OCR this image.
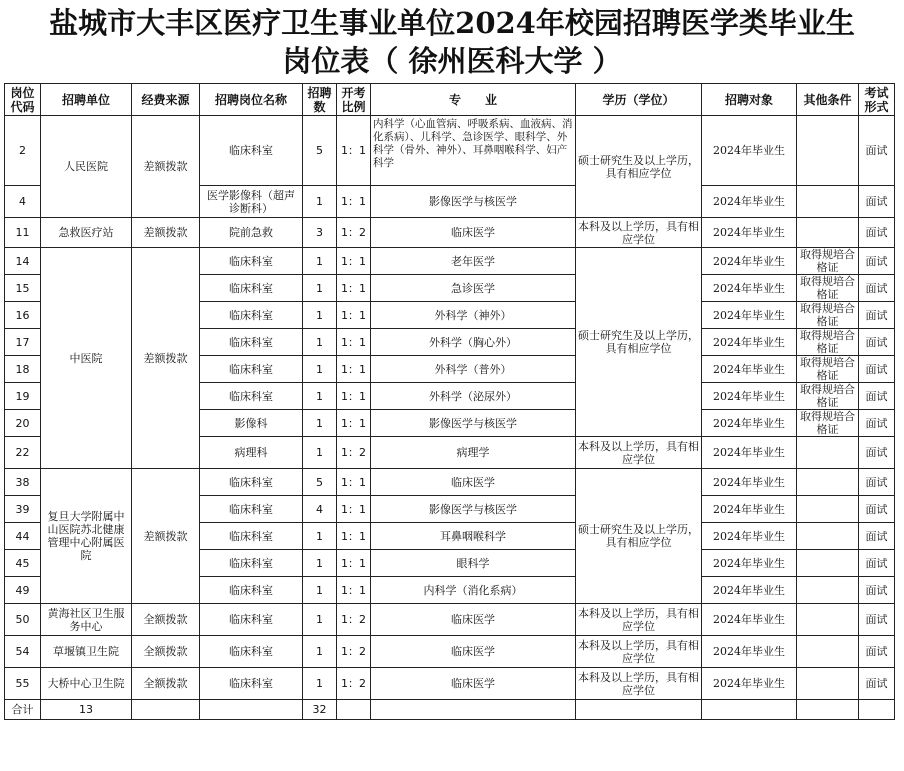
盐城市大丰区医疗卫生事业单位2024年校园招聘医学类毕业生
岗位表（ 徐州医科大学 ）
岗位代码	招聘单位	经费来源	招聘岗位名称	招聘数	开考比例	专　　业	学历（学位）	招聘对象	其他条件	考试形式
2	人民医院	差额拨款	临床科室	5	1：1	内科学（心血管病、呼吸系病、血液病、消化系病）、儿科学、急诊医学、眼科学、外科学（骨外、神外）、耳鼻咽喉科学、妇产科学	硕士研究生及以上学历，具有相应学位	2024年毕业生		面试
4			医学影像科（超声诊断科）	1	1：1	影像医学与核医学		2024年毕业生		面试
11	急救医疗站	差额拨款	院前急救	3	1：2	临床医学	本科及以上学历，具有相应学位	2024年毕业生		面试
14	中医院	差额拨款	临床科室	1	1：1	老年医学	硕士研究生及以上学历，具有相应学位	2024年毕业生	取得规培合格证	面试
15			临床科室	1	1：1	急诊医学		2024年毕业生	取得规培合格证	面试
16			临床科室	1	1：1	外科学（神外）		2024年毕业生	取得规培合格证	面试
17			临床科室	1	1：1	外科学（胸心外）		2024年毕业生	取得规培合格证	面试
18			临床科室	1	1：1	外科学（普外）		2024年毕业生	取得规培合格证	面试
19			临床科室	1	1：1	外科学（泌尿外）		2024年毕业生	取得规培合格证	面试
20			影像科	1	1：1	影像医学与核医学		2024年毕业生	取得规培合格证	面试
22			病理科	1	1：2	病理学	本科及以上学历，具有相应学位	2024年毕业生		面试
38	复旦大学附属中山医院苏北健康管理中心附属医院	差额拨款	临床科室	5	1：1	临床医学	硕士研究生及以上学历，具有相应学位	2024年毕业生		面试
39			临床科室	4	1：1	影像医学与核医学		2024年毕业生		面试
44			临床科室	1	1：1	耳鼻咽喉科学		2024年毕业生		面试
45			临床科室	1	1：1	眼科学		2024年毕业生		面试
49			临床科室	1	1：1	内科学（消化系病）		2024年毕业生		面试
50	黄海社区卫生服务中心	全额拨款	临床科室	1	1：2	临床医学	本科及以上学历，具有相应学位	2024年毕业生		面试
54	草堰镇卫生院	全额拨款	临床科室	1	1：2	临床医学	本科及以上学历，具有相应学位	2024年毕业生		面试
55	大桥中心卫生院	全额拨款	临床科室	1	1：2	临床医学	本科及以上学历，具有相应学位	2024年毕业生		面试
合计	13			32						
